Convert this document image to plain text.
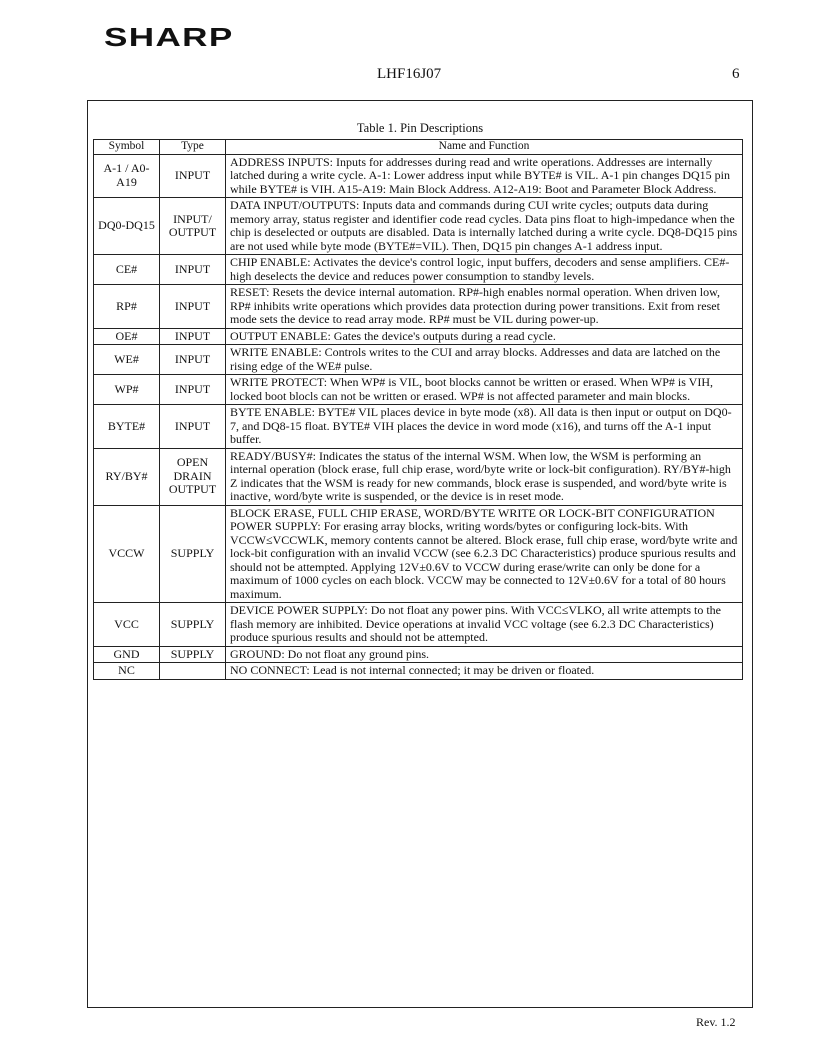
SHARP
LHF16J07	6
Table 1. Pin Descriptions
Symbol	Type	Name and Function
A-1 / A0-A19	INPUT	ADDRESS INPUTS: Inputs for addresses during read and write operations. Addresses are internally latched during a write cycle. A-1: Lower address input while BYTE# is VIL. A-1 pin changes DQ15 pin while BYTE# is VIH. A15-A19: Main Block Address. A12-A19: Boot and Parameter Block Address.
DQ0-DQ15	INPUT/ OUTPUT	DATA INPUT/OUTPUTS: Inputs data and commands during CUI write cycles; outputs data during memory array, status register and identifier code read cycles. Data pins float to high-impedance when the chip is deselected or outputs are disabled. Data is internally latched during a write cycle. DQ8-DQ15 pins are not used while byte mode (BYTE#=VIL). Then, DQ15 pin changes A-1 address input.
CE#	INPUT	CHIP ENABLE: Activates the device's control logic, input buffers, decoders and sense amplifiers. CE#-high deselects the device and reduces power consumption to standby levels.
RP#	INPUT	RESET: Resets the device internal automation. RP#-high enables normal operation. When driven low, RP# inhibits write operations which provides data protection during power transitions. Exit from reset mode sets the device to read array mode. RP# must be VIL during power-up.
OE#	INPUT	OUTPUT ENABLE: Gates the device's outputs during a read cycle.
WE#	INPUT	WRITE ENABLE: Controls writes to the CUI and array blocks. Addresses and data are latched on the rising edge of the WE# pulse.
WP#	INPUT	WRITE PROTECT: When WP# is VIL, boot blocks cannot be written or erased. When WP# is VIH, locked boot blocls can not be written or erased. WP# is not affected parameter and main blocks.
BYTE#	INPUT	BYTE ENABLE: BYTE# VIL places device in byte mode (x8). All data is then input or output on DQ0-7, and DQ8-15 float. BYTE# VIH places the device in word mode (x16), and turns off the A-1 input buffer.
RY/BY#	OPEN DRAIN OUTPUT	READY/BUSY#: Indicates the status of the internal WSM. When low, the WSM is performing an internal operation (block erase, full chip erase, word/byte write or lock-bit configuration). RY/BY#-high Z indicates that the WSM is ready for new commands, block erase is suspended, and word/byte write is inactive, word/byte write is suspended, or the device is in reset mode.
VCCW	SUPPLY	BLOCK ERASE, FULL CHIP ERASE, WORD/BYTE WRITE OR LOCK-BIT CONFIGURATION POWER SUPPLY: For erasing array blocks, writing words/bytes or configuring lock-bits. With VCCW≤VCCWLK, memory contents cannot be altered. Block erase, full chip erase, word/byte write and lock-bit configuration with an invalid VCCW (see 6.2.3 DC Characteristics) produce spurious results and should not be attempted. Applying 12V±0.6V to VCCW during erase/write can only be done for a maximum of 1000 cycles on each block. VCCW may be connected to 12V±0.6V for a total of 80 hours maximum.
VCC	SUPPLY	DEVICE POWER SUPPLY: Do not float any power pins. With VCC≤VLKO, all write attempts to the flash memory are inhibited. Device operations at invalid VCC voltage (see 6.2.3 DC Characteristics) produce spurious results and should not be attempted.
GND	SUPPLY	GROUND: Do not float any ground pins.
NC		NO CONNECT: Lead is not internal connected; it may be driven or floated.
Rev. 1.2
